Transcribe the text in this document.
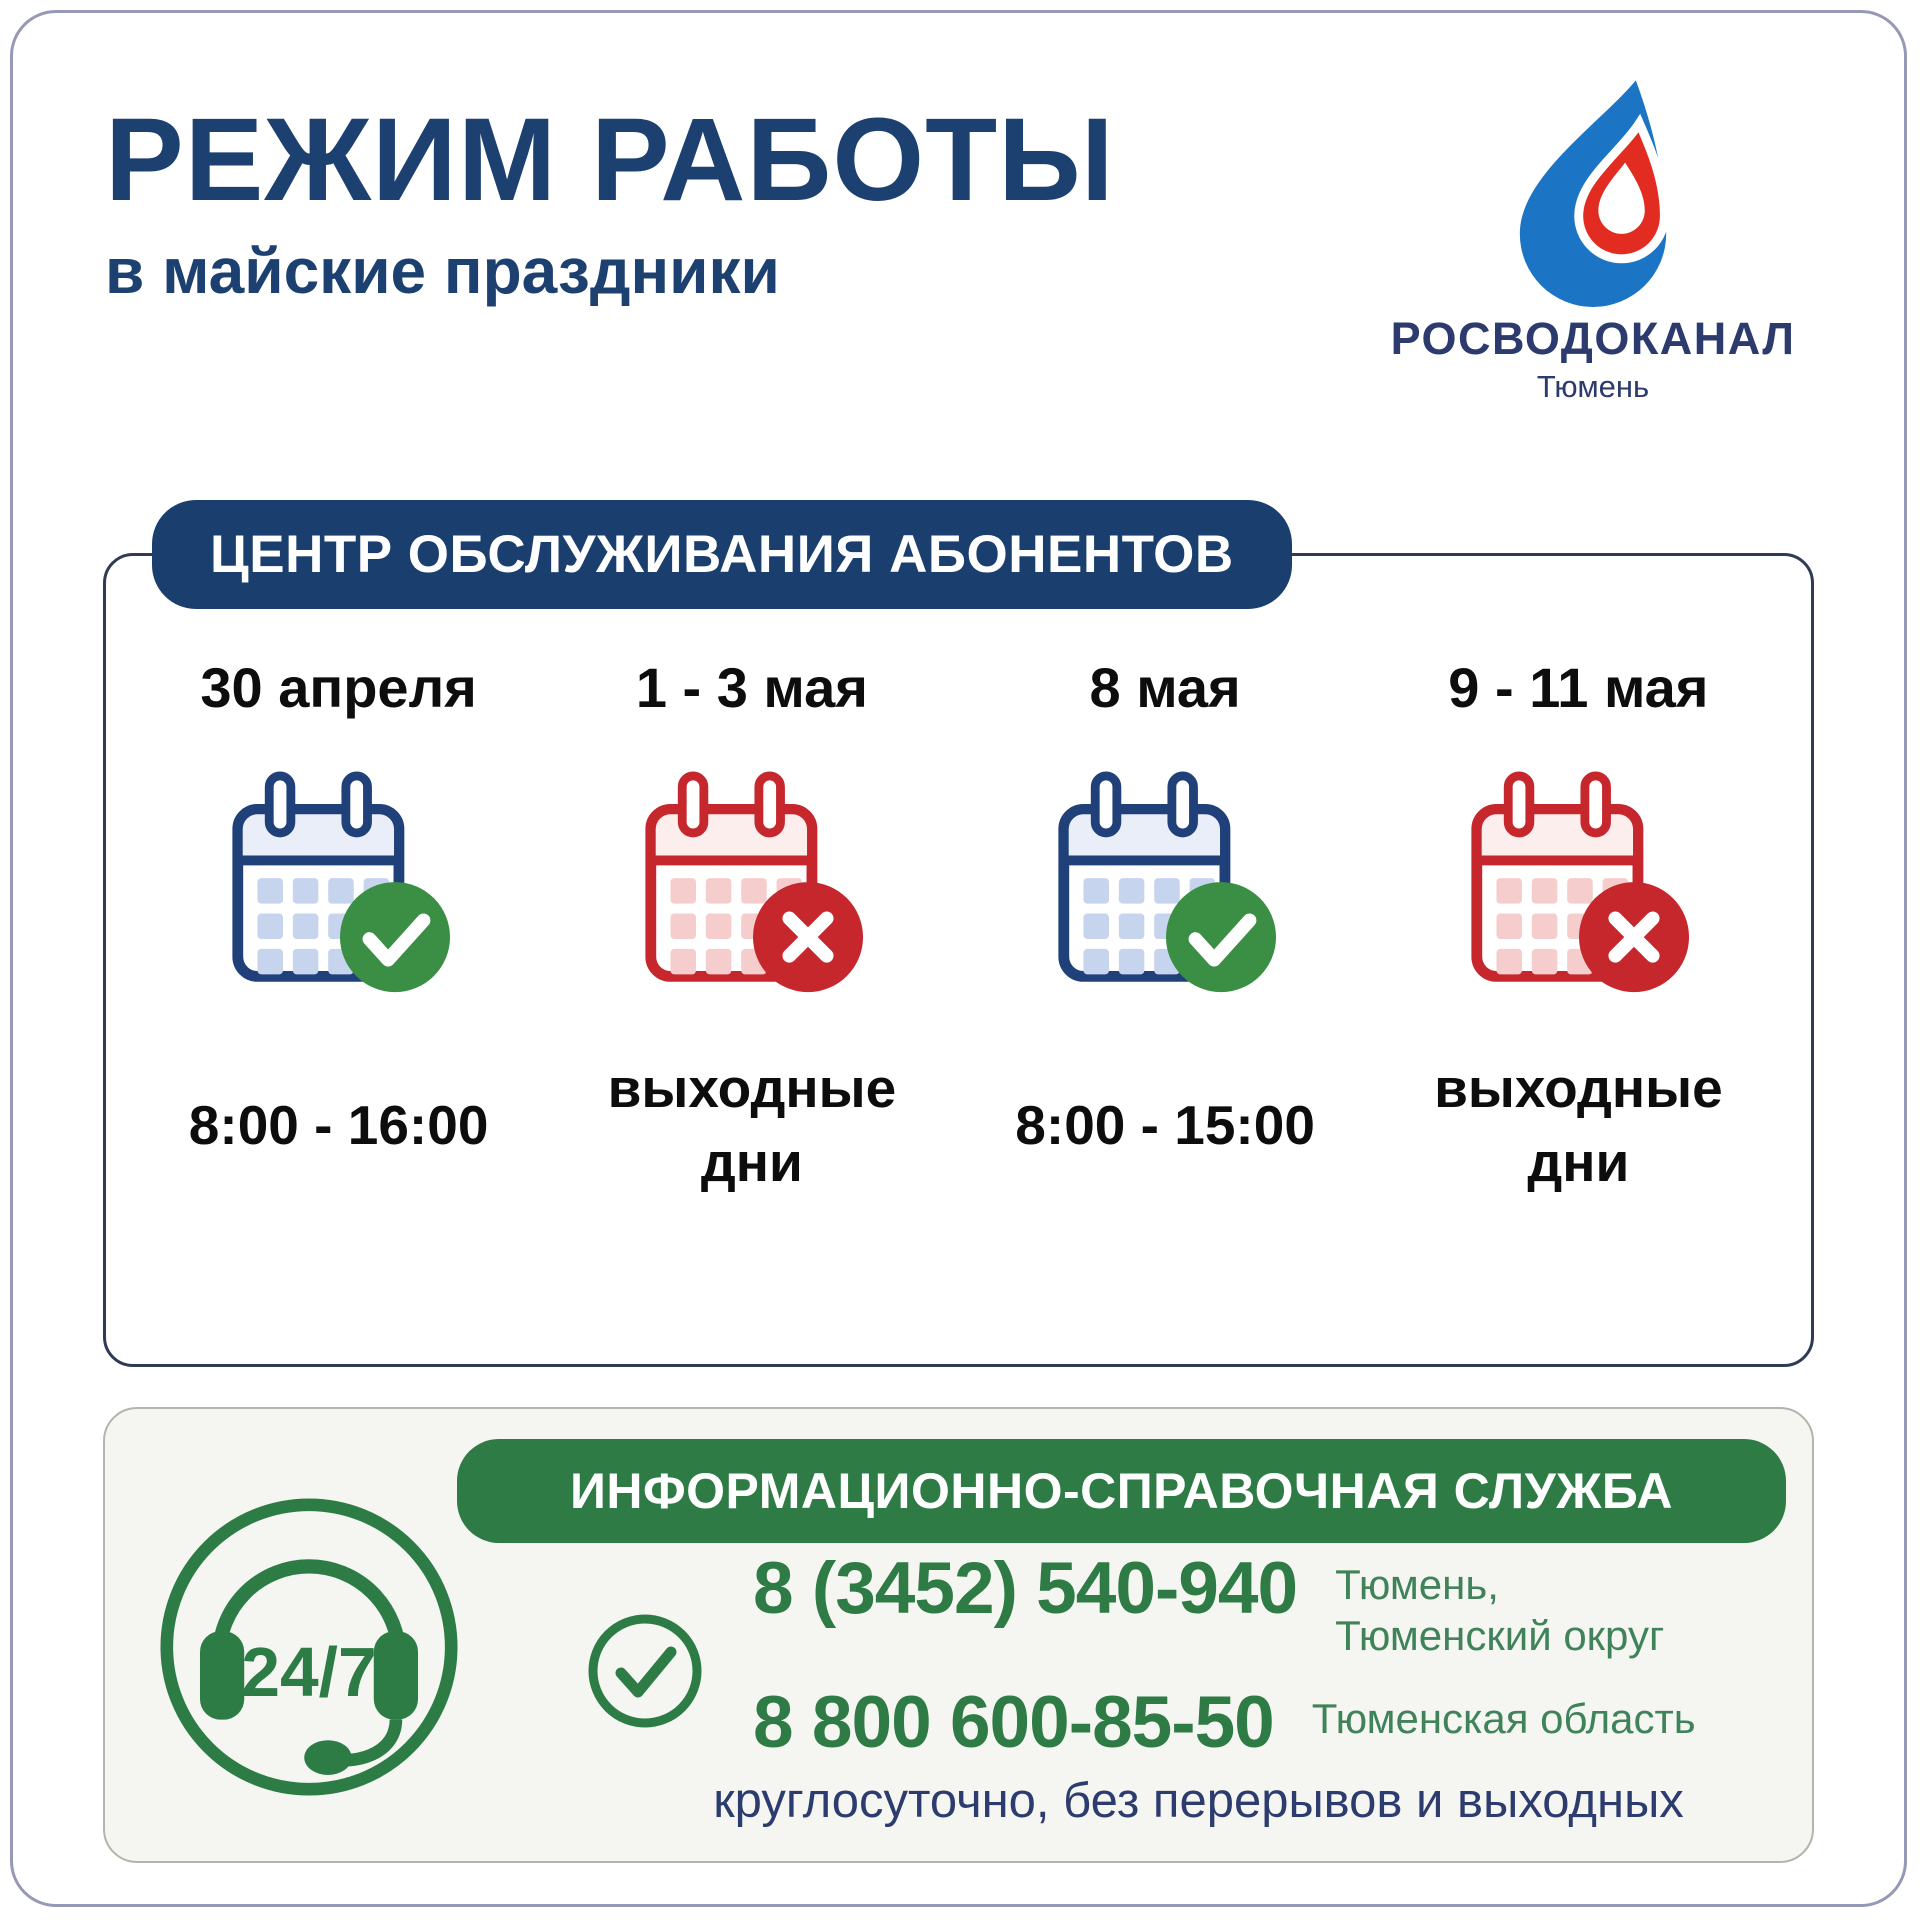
РЕЖИМ РАБОТЫ
в майские праздники
РОСВОДОКАНАЛ
Тюмень
ЦЕНТР ОБСЛУЖИВАНИЯ АБОНЕНТОВ
30 апреля
8:00 - 16:00
1 - 3 мая
выходные дни
8 мая
8:00 - 15:00
9 - 11 мая
выходные дни
ИНФОРМАЦИОННО-СПРАВОЧНАЯ СЛУЖБА
24/7
8 (3452) 540-940 Тюмень,
Тюменский округ
8 800 600-85-50 Тюменская область
круглосуточно, без перерывов и выходных
